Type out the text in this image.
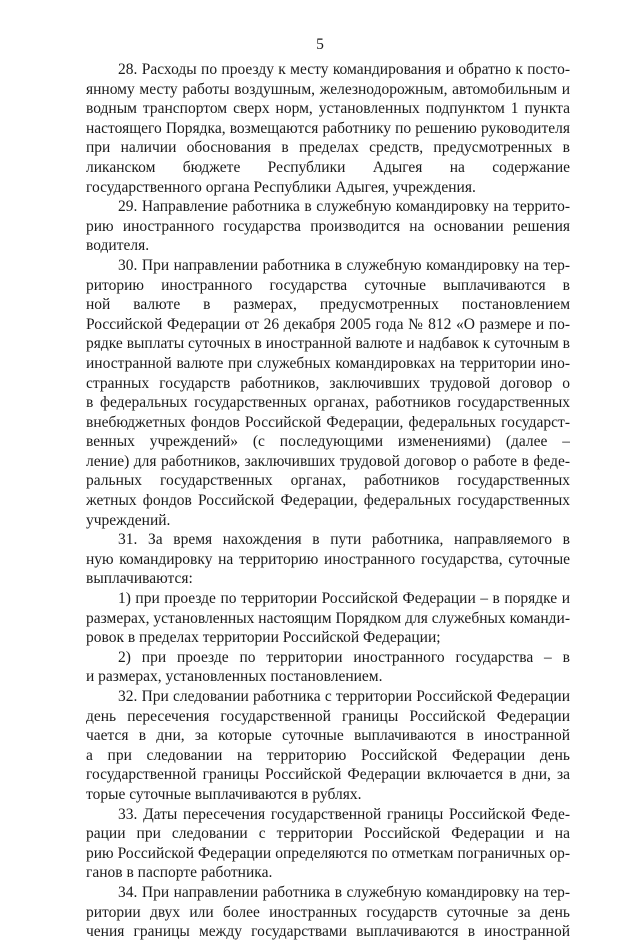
5
28. Расходы по проезду к месту командирования и обратно к посто-
янному месту работы воздушным, железнодорожным, автомобильным и
водным транспортом сверх норм, установленных подпунктом 1 пункта
настоящего Порядка, возмещаются работнику по решению руководителя
при наличии обоснования в пределах средств, предусмотренных в
ликанском бюджете Республики Адыгея на содержание
государственного органа Республики Адыгея, учреждения.
29. Направление работника в служебную командировку на террито-
рию иностранного государства производится на основании решения
водителя.
30. При направлении работника в служебную командировку на тер-
риторию иностранного государства суточные выплачиваются в
ной валюте в размерах, предусмотренных постановлением
Российской Федерации от 26 декабря 2005 года № 812 «О размере и по-
рядке выплаты суточных в иностранной валюте и надбавок к суточным в
иностранной валюте при служебных командировках на территории ино-
странных государств работников, заключивших трудовой договор о
в федеральных государственных органах, работников государственных
внебюджетных фондов Российской Федерации, федеральных государст-
венных учреждений» (с последующими изменениями) (далее –
ление) для работников, заключивших трудовой договор о работе в феде-
ральных государственных органах, работников государственных
жетных фондов Российской Федерации, федеральных государственных
учреждений.
31. За время нахождения в пути работника, направляемого в
ную командировку на территорию иностранного государства, суточные
выплачиваются:
1) при проезде по территории Российской Федерации – в порядке и
размерах, установленных настоящим Порядком для служебных команди-
ровок в пределах территории Российской Федерации;
2) при проезде по территории иностранного государства – в
и размерах, установленных постановлением.
32. При следовании работника с территории Российской Федерации
день пересечения государственной границы Российской Федерации
чается в дни, за которые суточные выплачиваются в иностранной
а при следовании на территорию Российской Федерации день
государственной границы Российской Федерации включается в дни, за
торые суточные выплачиваются в рублях.
33. Даты пересечения государственной границы Российской Феде-
рации при следовании с территории Российской Федерации и на
рию Российской Федерации определяются по отметкам пограничных ор-
ганов в паспорте работника.
34. При направлении работника в служебную командировку на тер-
ритории двух или более иностранных государств суточные за день
чения границы между государствами выплачиваются в иностранной
